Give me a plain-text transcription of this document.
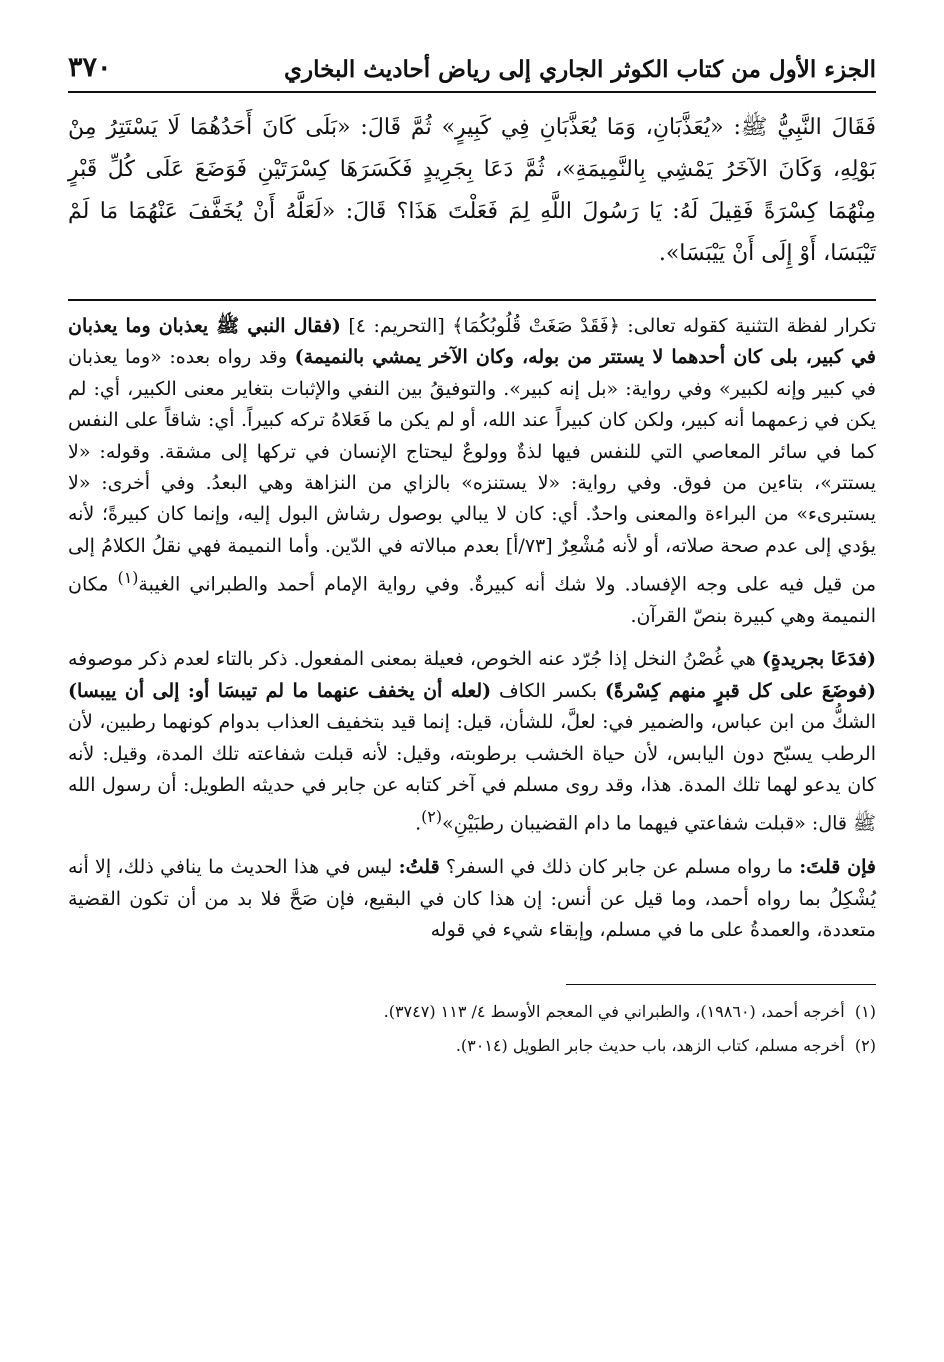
الجزء الأول من كتاب الكوثر الجاري إلى رياض أحاديث البخاري
٣٧٠
فَقَالَ النَّبِيُّ ﷺ: «يُعَذَّبَانِ، وَمَا يُعَذَّبَانِ فِي كَبِيرٍ» ثُمَّ قَالَ: «بَلَى كَانَ أَحَدُهُمَا لَا يَسْتَتِرُ مِنْ بَوْلِهِ، وَكَانَ الآخَرُ يَمْشِي بِالنَّمِيمَةِ»، ثُمَّ دَعَا بِجَرِيدٍ فَكَسَرَهَا كِسْرَتَيْنِ فَوَضَعَ عَلَى كُلِّ قَبْرٍ مِنْهُمَا كِسْرَةً فَقِيلَ لَهُ: يَا رَسُولَ اللَّهِ لِمَ فَعَلْتَ هَذَا؟ قَالَ: «لَعَلَّهُ أَنْ يُخَفَّفَ عَنْهُمَا مَا لَمْ تَيْبَسَا، أَوْ إِلَى أَنْ يَيْبَسَا».

تكرار لفظة التثنية كقوله تعالى: ﴿فَقَدْ صَغَتْ قُلُوبُكُمَا﴾ [التحريم: ٤] (فقال النبي ﷺ يعذبان وما يعذبان في كبير، بلى كان أحدهما لا يستتر من بوله، وكان الآخر يمشي بالنميمة) وقد رواه بعده: «وما يعذبان في كبير وإنه لكبير» وفي رواية: «بل إنه كبير». والتوفيقُ بين النفي والإثبات بتغاير معنى الكبير، أي: لم يكن في زعمهما أنه كبير، ولكن كان كبيراً عند الله، أو لم يكن ما فَعَلاهُ تركه كبيراً. أي: شاقاً على النفس كما في سائر المعاصي التي للنفس فيها لذةٌ وولوعٌ ليحتاج الإنسان في تركها إلى مشقة. وقوله: «لا يستتر»، بتاءين من فوق. وفي رواية: «لا يستنزه» بالزاي من النزاهة وهي البعدُ. وفي أخرى: «لا يستبرىء» من البراءة والمعنى واحدٌ. أي: كان لا يبالي بوصول رشاش البول إليه، وإنما كان كبيرةً؛ لأنه يؤدي إلى عدم صحة صلاته، أو لأنه مُشْعِرٌ [٧٣/أ] بعدم مبالاته في الدّين. وأما النميمة فهي نقلُ الكلامُ إلى من قيل فيه على وجه الإفساد. ولا شك أنه كبيرةٌ. وفي رواية الإمام أحمد والطبراني الغيبة$^{(١)}$ مكان النميمة وهي كبيرة بنصّ القرآن.

(فدَعَا بجريدةٍ) هي غُصْنُ النخل إذا جُرّد عنه الخوص، فعيلة بمعنى المفعول. ذكر بالتاء لعدم ذكر موصوفه (فوضَعَ على كل قبرٍ منهم كِسْرةً) بكسر الكاف (لعله أن يخفف عنهما ما لم تيبسَا أو: إلى أن ييبسا) الشكُّ من ابن عباس، والضمير في: لعلَّ، للشأن، قيل: إنما قيد بتخفيف العذاب بدوام كونهما رطبين، لأن الرطب يسبّح دون اليابس، لأن حياة الخشب برطوبته، وقيل: لأنه قبلت شفاعته تلك المدة، وقيل: لأنه كان يدعو لهما تلك المدة. هذا، وقد روى مسلم في آخر كتابه عن جابر في حديثه الطويل: أن رسول الله ﷺ قال: «قبلت شفاعتي فيهما ما دام القضيبان رطبَيْنِ»$^{(٢)}$.

فإن قلتَ: ما رواه مسلم عن جابر كان ذلك في السفر؟ قلتُ: ليس في هذا الحديث ما ينافي ذلك، إلا أنه يُشْكِلُ بما رواه أحمد، وما قيل عن أنس: إن هذا كان في البقيع، فإن صَحَّ فلا بد من أن تكون القضية متعددة، والعمدةُ على ما في مسلم، وإبقاء شيء في قوله

(١)  أخرجه أحمد، (١٩٨٦٠)، والطبراني في المعجم الأوسط ٤/ ١١٣ (٣٧٤٧).

(٢)  أخرجه مسلم، كتاب الزهد، باب حديث جابر الطويل (٣٠١٤).
